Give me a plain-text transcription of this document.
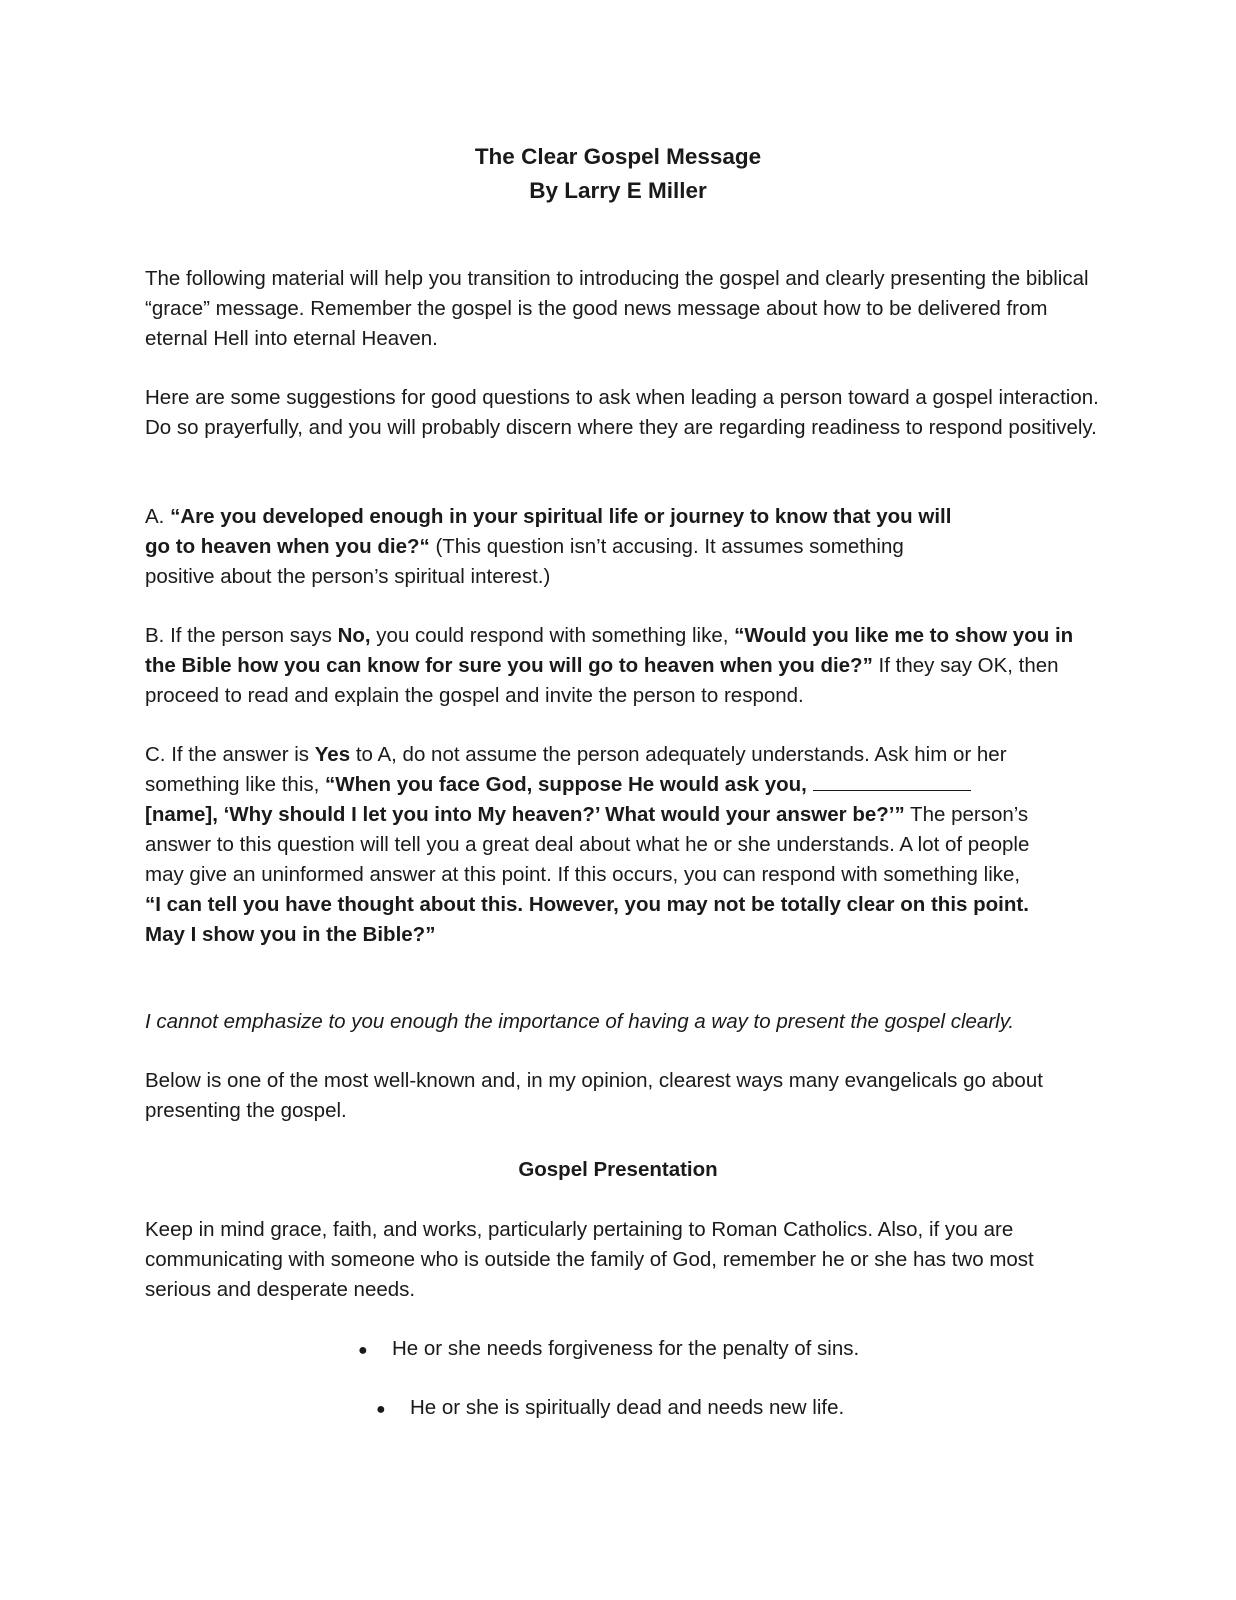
The Clear Gospel Message
By Larry E Miller

The following material will help you transition to introducing the gospel and clearly presenting the biblical “grace” message. Remember the gospel is the good news message about how to be delivered from eternal Hell into eternal Heaven.

Here are some suggestions for good questions to ask when leading a person toward a gospel interaction. Do so prayerfully, and you will probably discern where they are regarding readiness to respond positively.

A. “Are you developed enough in your spiritual life or journey to know that you will go to heaven when you die?“ (This question isn’t accusing. It assumes something positive about the person’s spiritual interest.)

B. If the person says No, you could respond with something like, “Would you like me to show you in the Bible how you can know for sure you will go to heaven when you die?” If they say OK, then proceed to read and explain the gospel and invite the person to respond.

C. If the answer is Yes to A, do not assume the person adequately understands. Ask him or her something like this, “When you face God, suppose He would ask you, [name], ‘Why should I let you into My heaven?’ What would your answer be?’” The person’s answer to this question will tell you a great deal about what he or she understands. A lot of people may give an uninformed answer at this point. If this occurs, you can respond with something like, “I can tell you have thought about this. However, you may not be totally clear on this point. May I show you in the Bible?”

I cannot emphasize to you enough the importance of having a way to present the gospel clearly.

Below is one of the most well-known and, in my opinion, clearest ways many evangelicals go about presenting the gospel.

Gospel Presentation

Keep in mind grace, faith, and works, particularly pertaining to Roman Catholics. Also, if you are communicating with someone who is outside the family of God, remember he or she has two most serious and desperate needs.

● He or she needs forgiveness for the penalty of sins.
● He or she is spiritually dead and needs new life.
